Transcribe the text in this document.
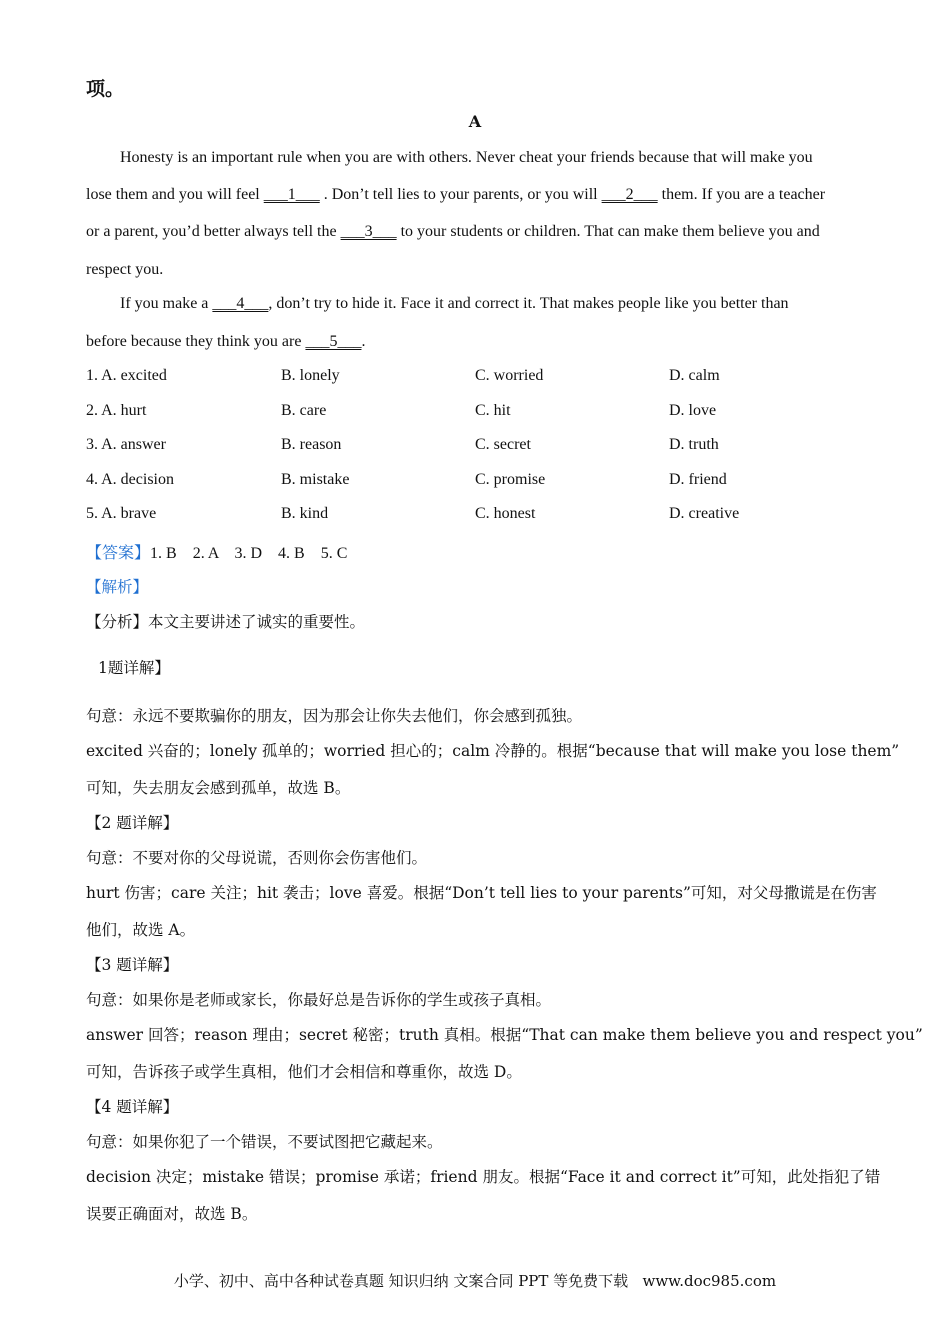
项。
A
Honesty is an important rule when you are with others. Never cheat your friends because that will make you
lose them and you will feel ___1___ . Don’t tell lies to your parents, or you will ___2___ them. If you are a teacher
or a parent, you’d better always tell the ___3___ to your students or children. That can make them believe you and
respect you.
If you make a ___4___, don’t try to hide it. Face it and correct it. That makes people like you better than
before because they think you are ___5___.
1. A. excited	B. lonely	C. worried	D. calm
2. A. hurt	B. care	C. hit	D. love
3. A. answer	B. reason	C. secret	D. truth
4. A. decision	B. mistake	C. promise	D. friend
5. A. brave	B. kind	C. honest	D. creative
【答案】1. B    2. A    3. D    4. B    5. C
【解析】
【分析】本文主要讲述了诚实的重要性。
1题详解】
句意：永远不要欺骗你的朋友，因为那会让你失去他们，你会感到孤独。
excited 兴奋的；lonely 孤单的；worried 担心的；calm 冷静的。根据“because that will make you lose them”
可知，失去朋友会感到孤单，故选 B。
【2 题详解】
句意：不要对你的父母说谎，否则你会伤害他们。
hurt 伤害；care 关注；hit 袭击；love 喜爱。根据“Don’t tell lies to your parents”可知，对父母撒谎是在伤害
他们，故选 A。
【3 题详解】
句意：如果你是老师或家长，你最好总是告诉你的学生或孩子真相。
answer 回答；reason 理由；secret 秘密；truth 真相。根据“That can make them believe you and respect you”
可知，告诉孩子或学生真相，他们才会相信和尊重你，故选 D。
【4 题详解】
句意：如果你犯了一个错误，不要试图把它藏起来。
decision 决定；mistake 错误；promise 承诺；friend 朋友。根据“Face it and correct it”可知，此处指犯了错
误要正确面对，故选 B。
小学、初中、高中各种试卷真题 知识归纳 文案合同 PPT 等免费下载   www.doc985.com
